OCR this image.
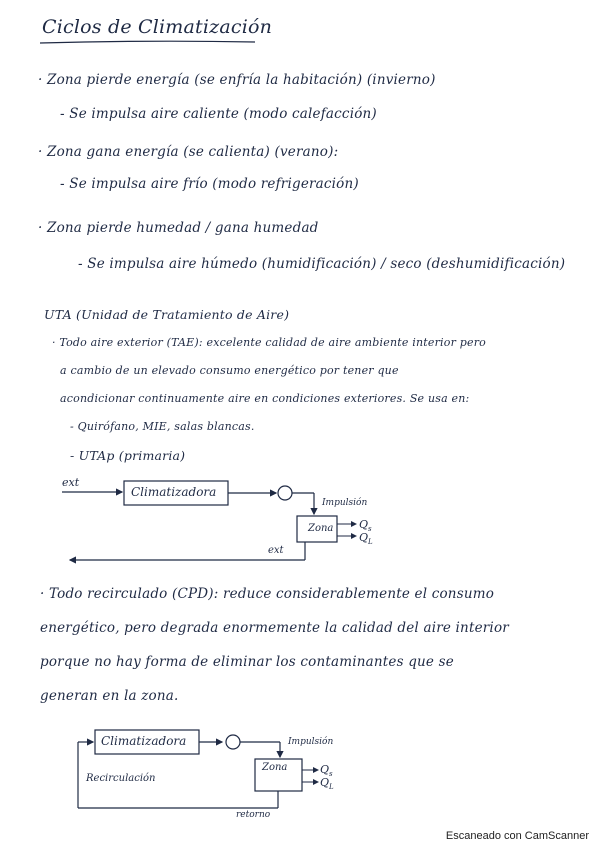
Ciclos de Climatización
· Zona pierde energía (se enfría la habitación) (invierno)
- Se impulsa aire caliente (modo calefacción)
· Zona gana energía (se calienta) (verano):
- Se impulsa aire frío (modo refrigeración)
· Zona pierde humedad / gana humedad
- Se impulsa aire húmedo (humidificación) / seco (deshumidificación)
UTA (Unidad de Tratamiento de Aire)
· Todo aire exterior (TAE): excelente calidad de aire ambiente interior pero
a cambio de un elevado consumo energético por tener que
acondicionar continuamente aire en condiciones exteriores. Se usa en:
- Quirófano, MIE, salas blancas.
- UTAp (primaria)
ext
Climatizadora
Impulsión
Zona $Q_s$
$Q_L$
ext
· Todo recirculado (CPD): reduce considerablemente el consumo
energético, pero degrada enormemente la calidad del aire interior
porque no hay forma de eliminar los contaminantes que se
generan en la zona.
Climatizadora	Impulsión
Zona	$Q_s$
$Q_L$
Recirculación
retorno
Escaneado con CamScanner
